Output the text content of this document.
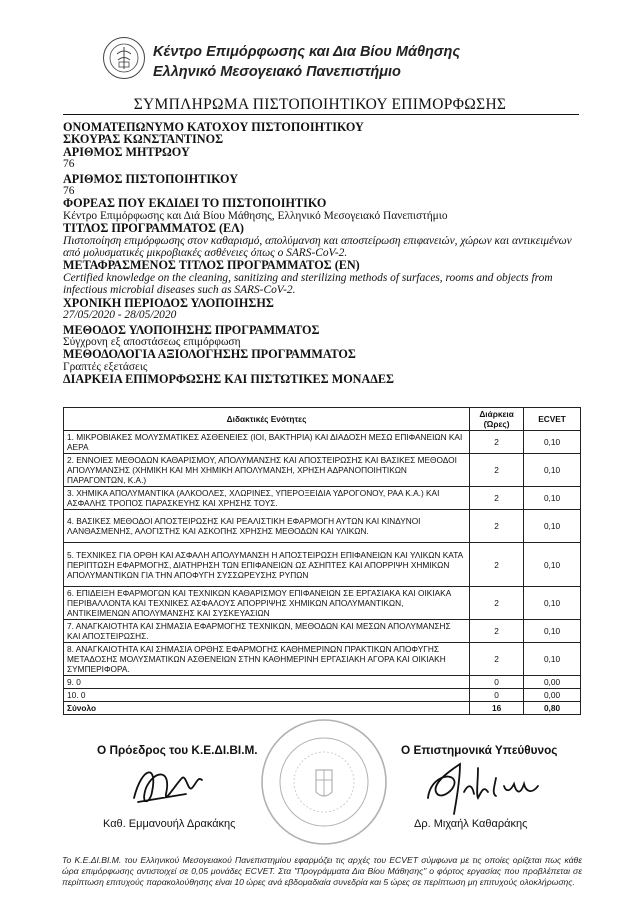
Κέντρο Επιμόρφωσης και Δια Βίου Μάθησης
Ελληνικό Μεσογειακό Πανεπιστήμιο
ΣΥΜΠΛΗΡΩΜΑ ΠΙΣΤΟΠΟΙΗΤΙΚΟΥ ΕΠΙΜΟΡΦΩΣΗΣ
ΟΝΟΜΑΤΕΠΩΝΥΜΟ ΚΑΤΟΧΟΥ ΠΙΣΤΟΠΟΙΗΤΙΚΟΥ
ΣΚΟΥΡΑΣ ΚΩΝΣΤΑΝΤΙΝΟΣ
ΑΡΙΘΜΟΣ ΜΗΤΡΩΟΥ
76
ΑΡΙΘΜΟΣ ΠΙΣΤΟΠΟΙΗΤΙΚΟΥ
76
ΦΟΡΕΑΣ ΠΟΥ ΕΚΔΙΔΕΙ ΤΟ ΠΙΣΤΟΠΟΙΗΤΙΚΟ
Κέντρο Επιμόρφωσης και Διά Βίου Μάθησης, Ελληνικό Μεσογειακό Πανεπιστήμιο
ΤΙΤΛΟΣ ΠΡΟΓΡΑΜΜΑΤΟΣ (ΕΛ)
Πιστοποίηση επιμόρφωσης στον καθαρισμό, απολύμανση και αποστείρωση επιφανειών, χώρων και αντικειμένων από μολυσματικές μικροβιακές ασθένειες όπως ο SARS-CoV-2.
ΜΕΤΑΦΡΑΣΜΕΝΟΣ ΤΙΤΛΟΣ ΠΡΟΓΡΑΜΜΑΤΟΣ (EN)
Certified knowledge on the cleaning, sanitizing and sterilizing methods of surfaces, rooms and objects from infectious microbial diseases such as SARS-CoV-2.
ΧΡΟΝΙΚΗ ΠΕΡΙΟΔΟΣ ΥΛΟΠΟΙΗΣΗΣ
27/05/2020 - 28/05/2020
ΜΕΘΟΔΟΣ ΥΛΟΠΟΙΗΣΗΣ ΠΡΟΓΡΑΜΜΑΤΟΣ
Σύγχρονη εξ αποστάσεως επιμόρφωση
ΜΕΘΟΔΟΛΟΓΙΑ ΑΞΙΟΛΟΓΗΣΗΣ ΠΡΟΓΡΑΜΜΑΤΟΣ
Γραπτές εξετάσεις
ΔΙΑΡΚΕΙΑ ΕΠΙΜΟΡΦΩΣΗΣ ΚΑΙ ΠΙΣΤΩΤΙΚΕΣ ΜΟΝΑΔΕΣ
Διδακτικές Ενότητες	Διάρκεια (Ώρες)	ECVET
1. ΜΙΚΡΟΒΙΑΚΕΣ ΜΟΛΥΣΜΑΤΙΚΕΣ ΑΣΘΕΝΕΙΕΣ (ΙΟΙ, ΒΑΚΤΗΡΙΑ) ΚΑΙ ΔΙΑΔΟΣΗ ΜΕΣΩ ΕΠΙΦΑΝΕΙΩΝ ΚΑΙ ΑΕΡΑ	2	0,10
2. ΕΝΝΟΙΕΣ ΜΕΘΟΔΩΝ ΚΑΘΑΡΙΣΜΟΥ, ΑΠΟΛΥΜΑΝΣΗΣ ΚΑΙ ΑΠΟΣΤΕΙΡΩΣΗΣ ΚΑΙ ΒΑΣΙΚΕΣ ΜΕΘΟΔΟΙ ΑΠΟΛΥΜΑΝΣΗΣ (ΧΗΜΙΚΗ ΚΑΙ ΜΗ ΧΗΜΙΚΗ ΑΠΟΛΥΜΑΝΣΗ, ΧΡΗΣΗ ΑΔΡΑΝΟΠΟΙΗΤΙΚΩΝ ΠΑΡΑΓΟΝΤΩΝ, Κ.Α.)	2	0,10
3. ΧΗΜΙΚΑ ΑΠΟΛΥΜΑΝΤΙΚΑ (ΑΛΚΟΟΛΕΣ, ΧΛΩΡΙΝΕΣ, ΥΠΕΡΟΞΕΙΔΙΑ ΥΔΡΟΓΟΝΟΥ, ΡΑΑ Κ.Α.) ΚΑΙ ΑΣΦΑΛΗΣ ΤΡΟΠΟΣ ΠΑΡΑΣΚΕΥΗΣ ΚΑΙ ΧΡΗΣΗΣ ΤΟΥΣ.	2	0,10
4. ΒΑΣΙΚΕΣ ΜΕΘΟΔΟΙ ΑΠΟΣΤΕΙΡΩΣΗΣ ΚΑΙ ΡΕΑΛΙΣΤΙΚΗ ΕΦΑΡΜΟΓΗ ΑΥΤΩΝ ΚΑΙ ΚΙΝΔΥΝΟΙ ΛΑΝΘΑΣΜΕΝΗΣ, ΑΛΟΓΙΣΤΗΣ ΚΑΙ ΑΣΚΟΠΗΣ ΧΡΗΣΗΣ ΜΕΘΟΔΩΝ ΚΑΙ ΥΛΙΚΩΝ.	2	0,10
5. ΤΕΧΝΙΚΕΣ ΓΙΑ ΟΡΘΗ ΚΑΙ ΑΣΦΑΛΗ ΑΠΟΛΥΜΑΝΣΗ Η ΑΠΟΣΤΕΙΡΩΣΗ ΕΠΙΦΑΝΕΙΩΝ ΚΑΙ ΥΛΙΚΩΝ ΚΑΤΑ ΠΕΡΙΠΤΩΣΗ ΕΦΑΡΜΟΓΗΣ, ΔΙΑΤΗΡΗΣΗ ΤΩΝ ΕΠΙΦΑΝΕΙΩΝ ΩΣ ΑΣΗΠΤΕΣ ΚΑΙ ΑΠΟΡΡΙΨΗ ΧΗΜΙΚΩΝ ΑΠΟΛΥΜΑΝΤΙΚΩΝ ΓΙΑ ΤΗΝ ΑΠΟΦΥΓΗ ΣΥΣΣΩΡΕΥΣΗΣ ΡΥΠΩΝ	2	0,10
6. ΕΠΙΔΕΙΞΗ ΕΦΑΡΜΟΓΩΝ ΚΑΙ ΤΕΧΝΙΚΩΝ ΚΑΘΑΡΙΣΜΟΥ ΕΠΙΦΑΝΕΙΩΝ ΣΕ ΕΡΓΑΣΙΑΚΑ ΚΑΙ ΟΙΚΙΑΚΑ ΠΕΡΙΒΑΛΛΟΝΤΑ ΚΑΙ ΤΕΧΝΙΚΕΣ ΑΣΦΑΛΟΥΣ ΑΠΟΡΡΙΨΗΣ ΧΗΜΙΚΩΝ ΑΠΟΛΥΜΑΝΤΙΚΩΝ, ΑΝΤΙΚΕΙΜΕΝΩΝ ΑΠΟΛΥΜΑΝΣΗΣ ΚΑΙ ΣΥΣΚΕΥΑΣΙΩΝ	2	0,10
7. ΑΝΑΓΚΑΙΟΤΗΤΑ ΚΑΙ ΣΗΜΑΣΙΑ ΕΦΑΡΜΟΓΗΣ ΤΕΧΝΙΚΩΝ, ΜΕΘΟΔΩΝ ΚΑΙ ΜΕΣΩΝ ΑΠΟΛΥΜΑΝΣΗΣ ΚΑΙ ΑΠΟΣΤΕΙΡΩΣΗΣ.	2	0,10
8. ΑΝΑΓΚΑΙΟΤΗΤΑ ΚΑΙ ΣΗΜΑΣΙΑ ΟΡΘΗΣ ΕΦΑΡΜΟΓΗΣ ΚΑΘΗΜΕΡΙΝΩΝ ΠΡΑΚΤΙΚΩΝ ΑΠΟΦΥΓΗΣ ΜΕΤΑΔΟΣΗΣ ΜΟΛΥΣΜΑΤΙΚΩΝ ΑΣΘΕΝΕΙΩΝ ΣΤΗΝ ΚΑΘΗΜΕΡΙΝΗ ΕΡΓΑΣΙΑΚΗ ΑΓΟΡΑ ΚΑΙ ΟΙΚΙΑΚΗ ΣΥΜΠΕΡΙΦΟΡΑ.	2	0,10
9. 0	0	0,00
10. 0	0	0,00
Σύνολο	16	0,80
Ο Πρόεδρος του Κ.Ε.ΔΙ.ΒΙ.Μ.	Ο Επιστημονικά Υπεύθυνος
Καθ. Εμμανουήλ Δρακάκης	Δρ. Μιχαήλ Καθαράκης
Το Κ.Ε.ΔΙ.ΒΙ.Μ. του Ελληνικού Μεσογειακού Πανεπιστημίου εφαρμόζει τις αρχές του ECVET σύμφωνα με τις οποίες ορίζεται πως κάθε ώρα επιμόρφωσης αντιστοιχεί σε 0,05 μονάδες ECVET. Στα "Προγράμματα Δια Βίου Μάθησης" ο φόρτος εργασίας που προβλέπεται σε περίπτωση επιτυχούς παρακολούθησης είναι 10 ώρες ανά εβδομαδιαία συνεδρία και 5 ώρες σε περίπτωση μη επιτυχούς ολοκλήρωσης.
